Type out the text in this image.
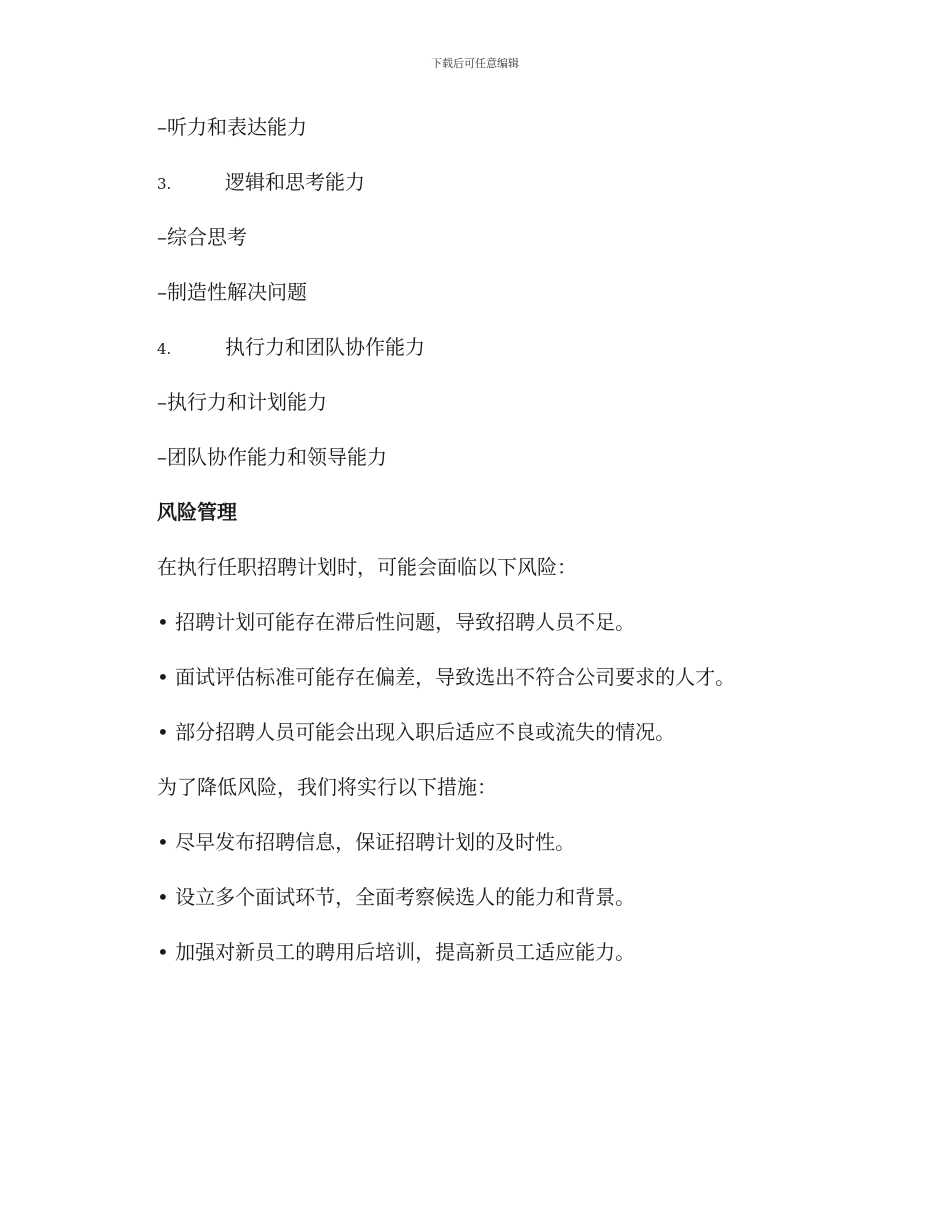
下载后可任意编辑
–听力和表达能力
3.	逻辑和思考能力
–综合思考
–制造性解决问题
4.	执行力和团队协作能力
–执行力和计划能力
–团队协作能力和领导能力
风险管理
在执行任职招聘计划时，可能会面临以下风险：
• 招聘计划可能存在滞后性问题，导致招聘人员不足。
• 面试评估标准可能存在偏差，导致选出不符合公司要求的人才。
• 部分招聘人员可能会出现入职后适应不良或流失的情况。
为了降低风险，我们将实行以下措施：
• 尽早发布招聘信息，保证招聘计划的及时性。
• 设立多个面试环节，全面考察候选人的能力和背景。
• 加强对新员工的聘用后培训，提高新员工适应能力。
